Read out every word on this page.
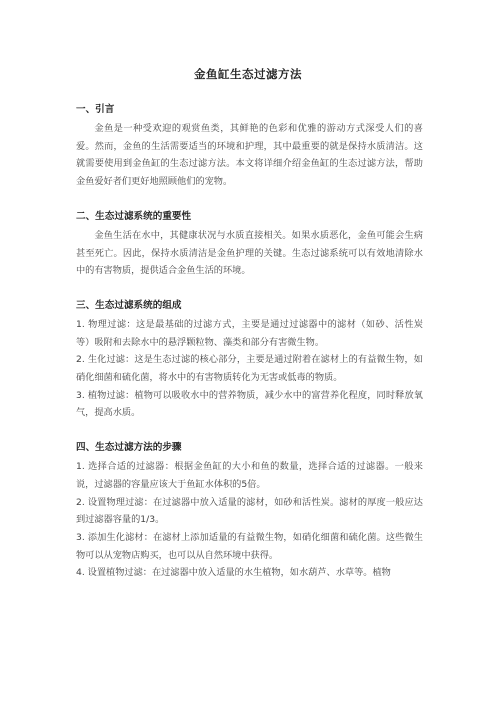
金鱼缸生态过滤方法
一、引言

金鱼是一种受欢迎的观赏鱼类，其鲜艳的色彩和优雅的游动方式深受人们的喜爱。然而，金鱼的生活需要适当的环境和护理，其中最重要的就是保持水质清洁。这就需要使用到金鱼缸的生态过滤方法。本文将详细介绍金鱼缸的生态过滤方法，帮助金鱼爱好者们更好地照顾他们的宠物。

二、生态过滤系统的重要性

金鱼生活在水中，其健康状况与水质直接相关。如果水质恶化，金鱼可能会生病甚至死亡。因此，保持水质清洁是金鱼护理的关键。生态过滤系统可以有效地清除水中的有害物质，提供适合金鱼生活的环境。

三、生态过滤系统的组成

1. 物理过滤：这是最基础的过滤方式，主要是通过过滤器中的滤材（如砂、活性炭等）吸附和去除水中的悬浮颗粒物、藻类和部分有害微生物。

2. 生化过滤：这是生态过滤的核心部分，主要是通过附着在滤材上的有益微生物，如硝化细菌和硫化菌，将水中的有害物质转化为无害或低毒的物质。

3. 植物过滤：植物可以吸收水中的营养物质，减少水中的富营养化程度，同时释放氧气，提高水质。

四、生态过滤方法的步骤

1. 选择合适的过滤器：根据金鱼缸的大小和鱼的数量，选择合适的过滤器。一般来说，过滤器的容量应该大于鱼缸水体积的5倍。

2. 设置物理过滤：在过滤器中放入适量的滤材，如砂和活性炭。滤材的厚度一般应达到过滤器容量的1/3。

3. 添加生化滤材：在滤材上添加适量的有益微生物，如硝化细菌和硫化菌。这些微生物可以从宠物店购买，也可以从自然环境中获得。

4. 设置植物过滤：在过滤器中放入适量的水生植物，如水葫芦、水草等。植物
